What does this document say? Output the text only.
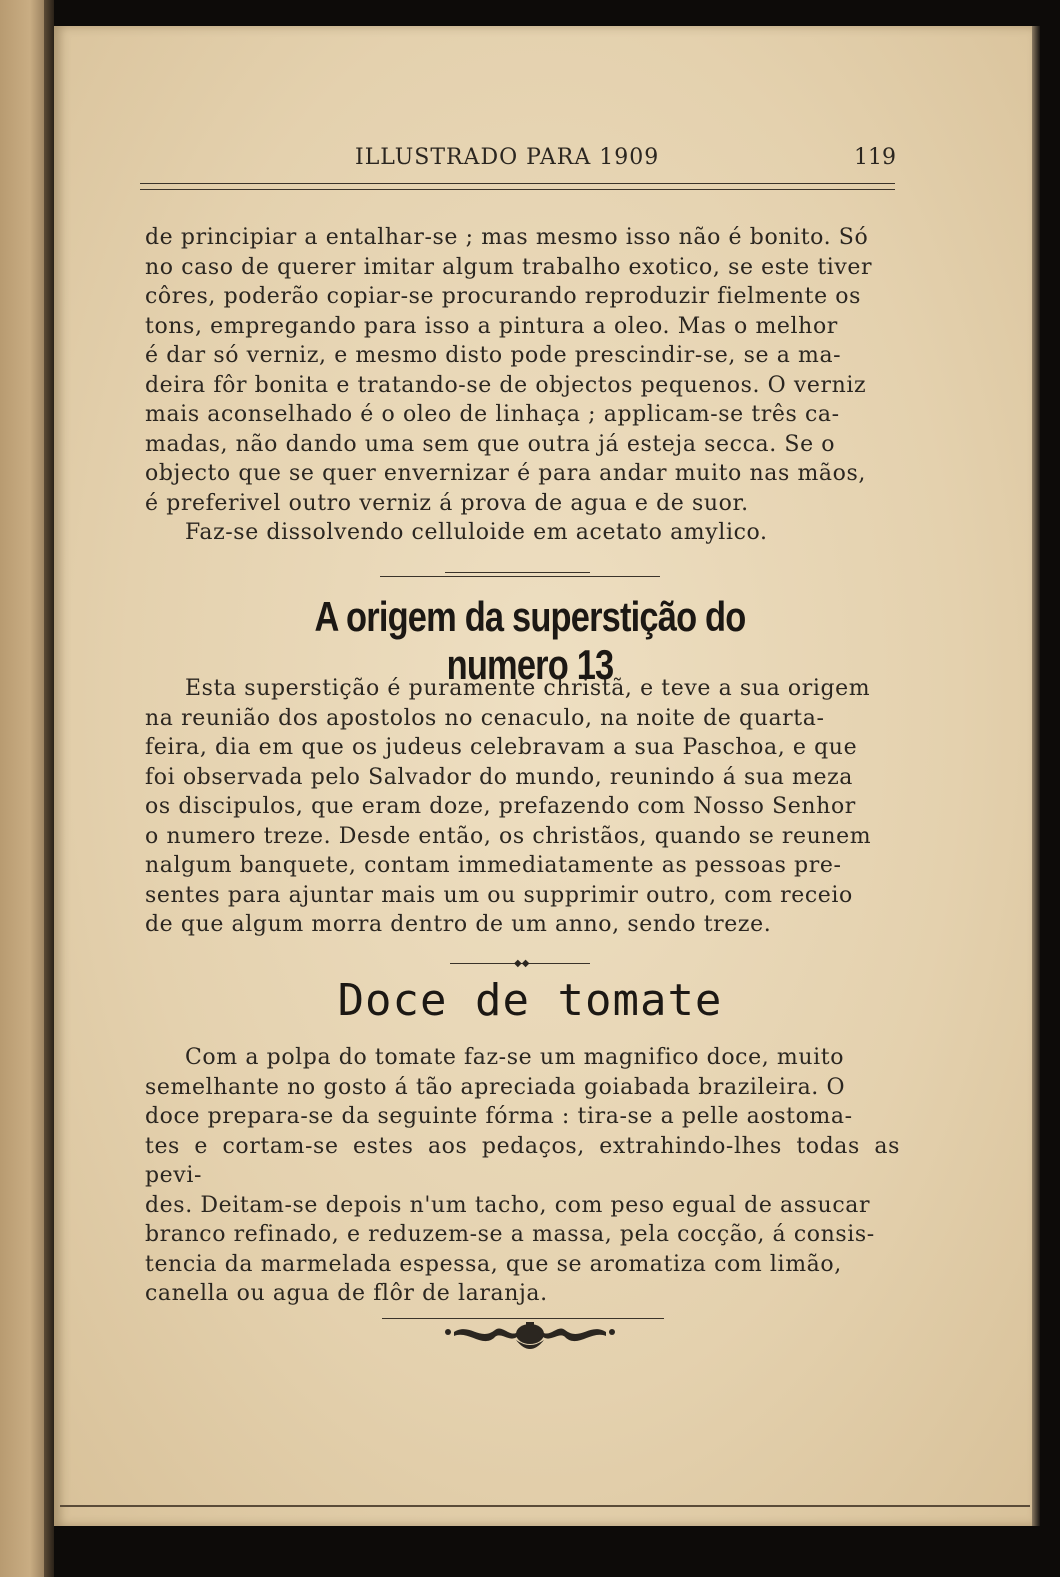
ILLUSTRADO PARA 1909	119

de principiar a entalhar-se ; mas mesmo isso não é bonito. Só

no caso de querer imitar algum trabalho exotico, se este tiver

côres, poderão copiar-se procurando reproduzir fielmente os

tons, empregando para isso a pintura a oleo. Mas o melhor

é dar só verniz, e mesmo disto pode prescindir-se, se a ma-

deira fôr bonita e tratando-se de objectos pequenos. O verniz

mais aconselhado é o oleo de linhaça ; applicam-se três ca-

madas, não dando uma sem que outra já esteja secca. Se o

objecto que se quer envernizar é para andar muito nas mãos,

é preferivel outro verniz á prova de agua e de suor.

Faz-se dissolvendo celluloide em acetato amylico.

A origem da superstição do numero 13

Esta superstição é puramente christã, e teve a sua origem

na reunião dos apostolos no cenaculo, na noite de quarta-

feira, dia em que os judeus celebravam a sua Paschoa, e que

foi observada pelo Salvador do mundo, reunindo á sua meza

os discipulos, que eram doze, prefazendo com Nosso Senhor

o numero treze. Desde então, os christãos, quando se reunem

nalgum banquete, contam immediatamente as pessoas pre-

sentes para ajuntar mais um ou supprimir outro, com receio

de que algum morra dentro de um anno, sendo treze.

◆◆
Doce de tomate

Com a polpa do tomate faz-se um magnifico doce, muito

semelhante no gosto á tão apreciada goiabada brazileira. O

doce prepara-se da seguinte fórma : tira-se a pelle aostoma-

tes e cortam-se estes aos pedaços, extrahindo-lhes todas as pevi-

des. Deitam-se depois n'um tacho, com peso egual de assucar

branco refinado, e reduzem-se a massa, pela cocção, á consis-

tencia da marmelada espessa, que se aromatiza com limão,

canella ou agua de flôr de laranja.
